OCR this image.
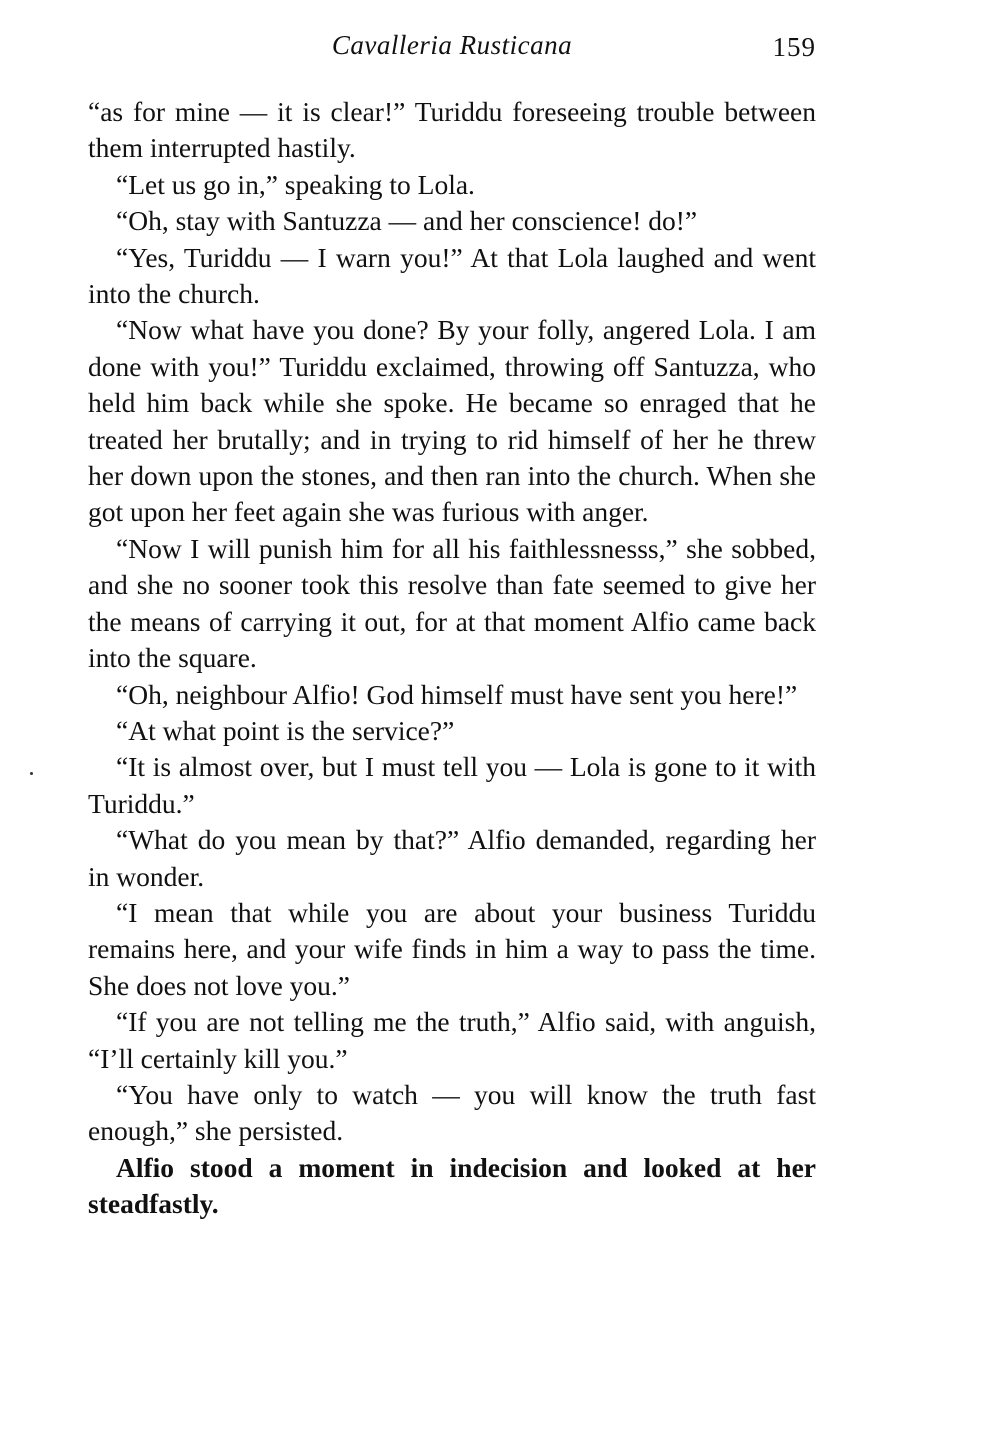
Cavalleria Rusticana	159

“as for mine — it is clear!” Turiddu foreseeing trouble between them interrupted hastily.

“Let us go in,” speaking to Lola.

“Oh, stay with Santuzza — and her conscience! do!”

“Yes, Turiddu — I warn you!” At that Lola laughed and went into the church.

“Now what have you done? By your folly, angered Lola. I am done with you!” Turiddu exclaimed, throwing off Santuzza, who held him back while she spoke. He became so enraged that he treated her brutally; and in trying to rid himself of her he threw her down upon the stones, and then ran into the church. When she got upon her feet again she was furious with anger.

“Now I will punish him for all his faithlessnesss,” she sobbed, and she no sooner took this resolve than fate seemed to give her the means of carrying it out, for at that moment Alfio came back into the square.

“Oh, neighbour Alfio! God himself must have sent you here!”

“At what point is the service?”

“It is almost over, but I must tell you — Lola is gone to it with Turiddu.”

“What do you mean by that?” Alfio demanded, regarding her in wonder.

“I mean that while you are about your business Turiddu remains here, and your wife finds in him a way to pass the time. She does not love you.”

“If you are not telling me the truth,” Alfio said, with anguish, “I’ll certainly kill you.”

“You have only to watch — you will know the truth fast enough,” she persisted.

Alfio stood a moment in indecision and looked at her steadfastly.
